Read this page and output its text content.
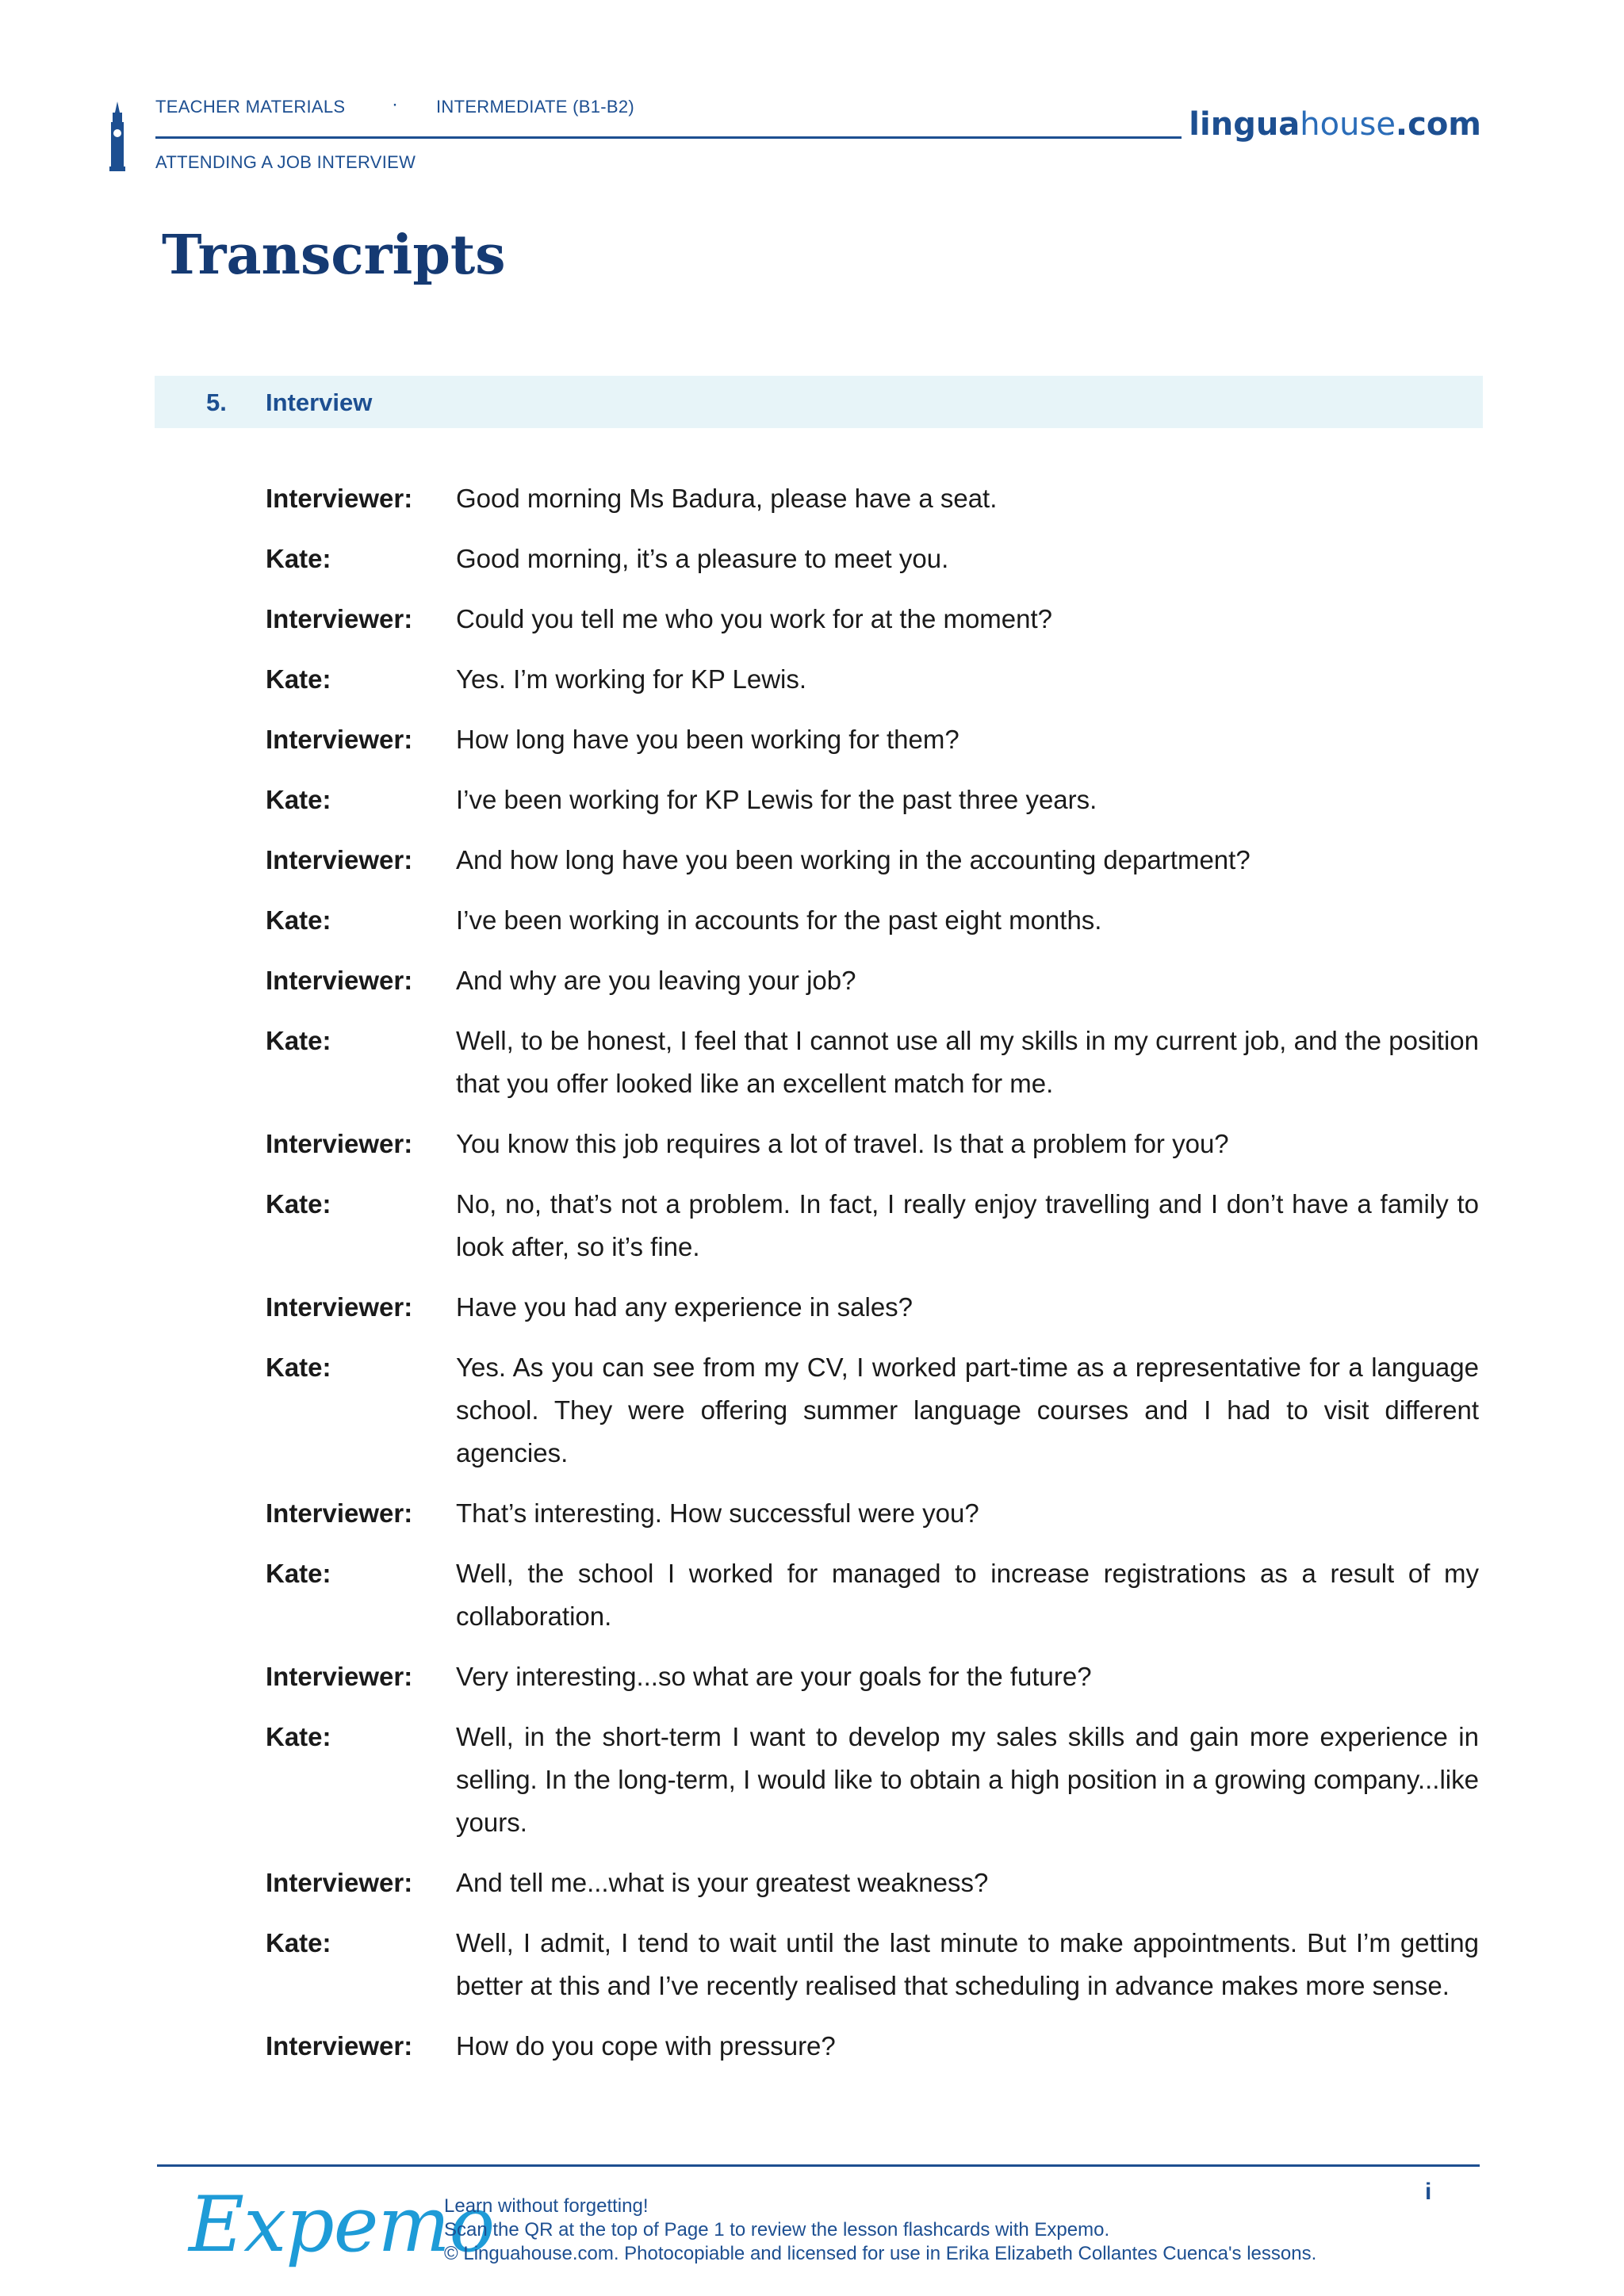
TEACHER MATERIALS · INTERMEDIATE (B1-B2)
ATTENDING A JOB INTERVIEW
linguahouse.com
Transcripts
5. Interview
Interviewer:	Good morning Ms Badura, please have a seat.
Kate:	Good morning, it’s a pleasure to meet you.
Interviewer:	Could you tell me who you work for at the moment?
Kate:	Yes. I’m working for KP Lewis.
Interviewer:	How long have you been working for them?
Kate:	I’ve been working for KP Lewis for the past three years.
Interviewer:	And how long have you been working in the accounting department?
Kate:	I’ve been working in accounts for the past eight months.
Interviewer:	And why are you leaving your job?
Kate:	Well, to be honest, I feel that I cannot use all my skills in my current job, and the position that you offer looked like an excellent match for me.
Interviewer:	You know this job requires a lot of travel. Is that a problem for you?
Kate:	No, no, that’s not a problem. In fact, I really enjoy travelling and I don’t have a family to look after, so it’s fine.
Interviewer:	Have you had any experience in sales?
Kate:	Yes. As you can see from my CV, I worked part-time as a representative for a language school. They were offering summer language courses and I had to visit different agencies.
Interviewer:	That’s interesting. How successful were you?
Kate:	Well, the school I worked for managed to increase registrations as a result of my collaboration.
Interviewer:	Very interesting...so what are your goals for the future?
Kate:	Well, in the short-term I want to develop my sales skills and gain more experience in selling. In the long-term, I would like to obtain a high position in a growing company...like yours.
Interviewer:	And tell me...what is your greatest weakness?
Kate:	Well, I admit, I tend to wait until the last minute to make appointments. But I’m getting better at this and I’ve recently realised that scheduling in advance makes more sense.
Interviewer:	How do you cope with pressure?
Expemo
Learn without forgetting!
Scan the QR at the top of Page 1 to review the lesson flashcards with Expemo.
© Linguahouse.com. Photocopiable and licensed for use in Erika Elizabeth Collantes Cuenca's lessons.
i
